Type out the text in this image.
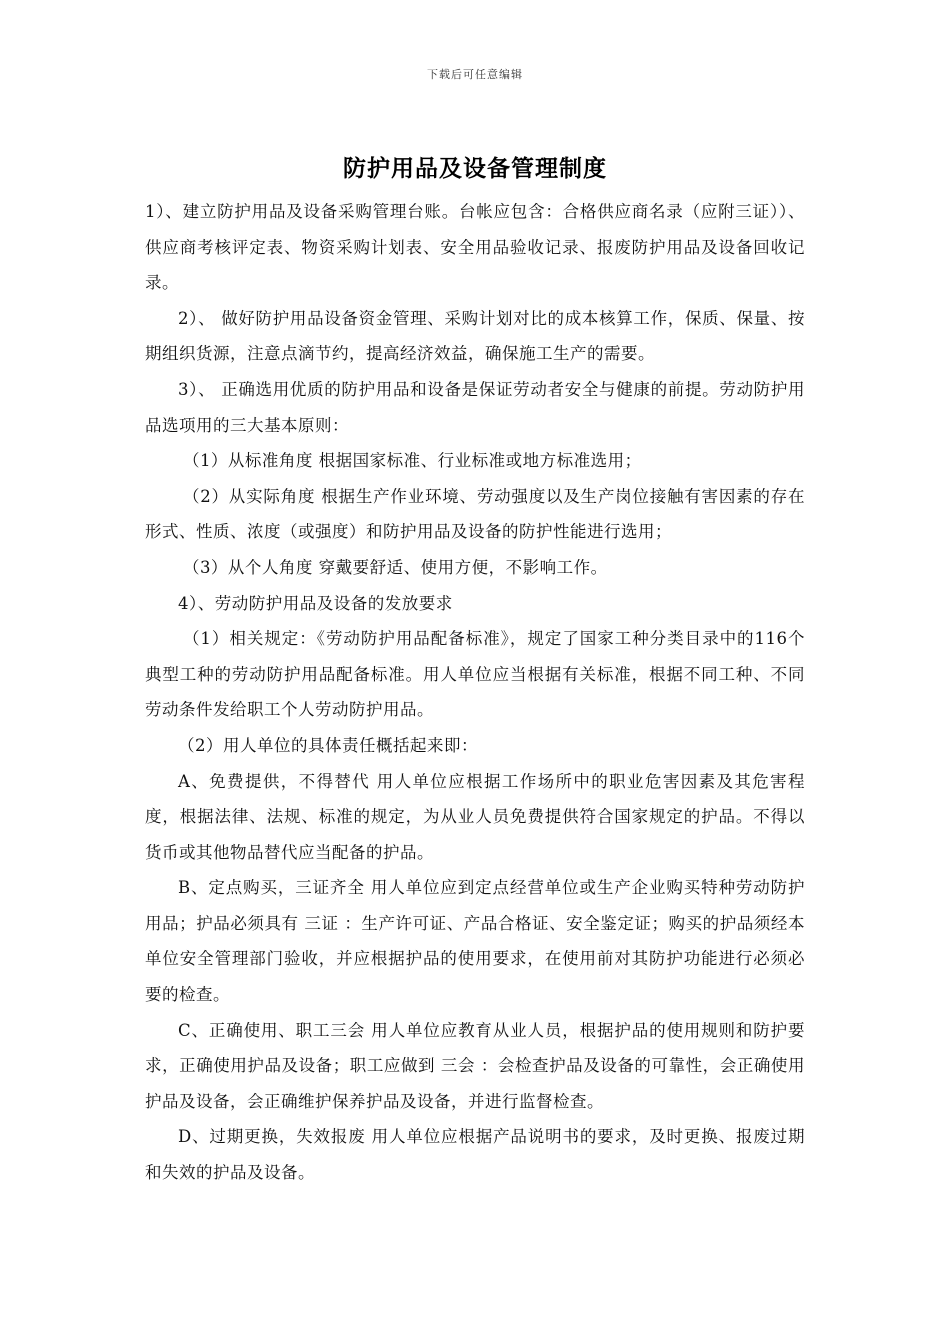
下载后可任意编辑
防护用品及设备管理制度

1）、建立防护用品及设备采购管理台账。台帐应包含：合格供应商名录（应附三证））、供应商考核评定表、物资采购计划表、安全用品验收记录、报废防护用品及设备回收记录。

2）、 做好防护用品设备资金管理、采购计划对比的成本核算工作，保质、保量、按期组织货源，注意点滴节约，提高经济效益，确保施工生产的需要。

3）、 正确选用优质的防护用品和设备是保证劳动者安全与健康的前提。劳动防护用品选项用的三大基本原则：

（1）从标准角度 根据国家标准、行业标准或地方标准选用；

（2）从实际角度 根据生产作业环境、劳动强度以及生产岗位接触有害因素的存在形式、性质、浓度（或强度）和防护用品及设备的防护性能进行选用；

（3）从个人角度 穿戴要舒适、使用方便，不影响工作。

4）、劳动防护用品及设备的发放要求

（1）相关规定：《劳动防护用品配备标准》，规定了国家工种分类目录中的116个典型工种的劳动防护用品配备标准。用人单位应当根据有关标准，根据不同工种、不同劳动条件发给职工个人劳动防护用品。

（2）用人单位的具体责任概括起来即：

A、免费提供，不得替代 用人单位应根据工作场所中的职业危害因素及其危害程度，根据法律、法规、标准的规定，为从业人员免费提供符合国家规定的护品。不得以货币或其他物品替代应当配备的护品。

B、定点购买，三证齐全 用人单位应到定点经营单位或生产企业购买特种劳动防护用品；护品必须具有 三证 ：生产许可证、产品合格证、安全鉴定证；购买的护品须经本单位安全管理部门验收，并应根据护品的使用要求，在使用前对其防护功能进行必须必要的检查。

C、正确使用、职工三会 用人单位应教育从业人员，根据护品的使用规则和防护要求，正确使用护品及设备；职工应做到 三会 ：会检查护品及设备的可靠性，会正确使用护品及设备，会正确维护保养护品及设备，并进行监督检查。

D、过期更换，失效报废 用人单位应根据产品说明书的要求，及时更换、报废过期和失效的护品及设备。
